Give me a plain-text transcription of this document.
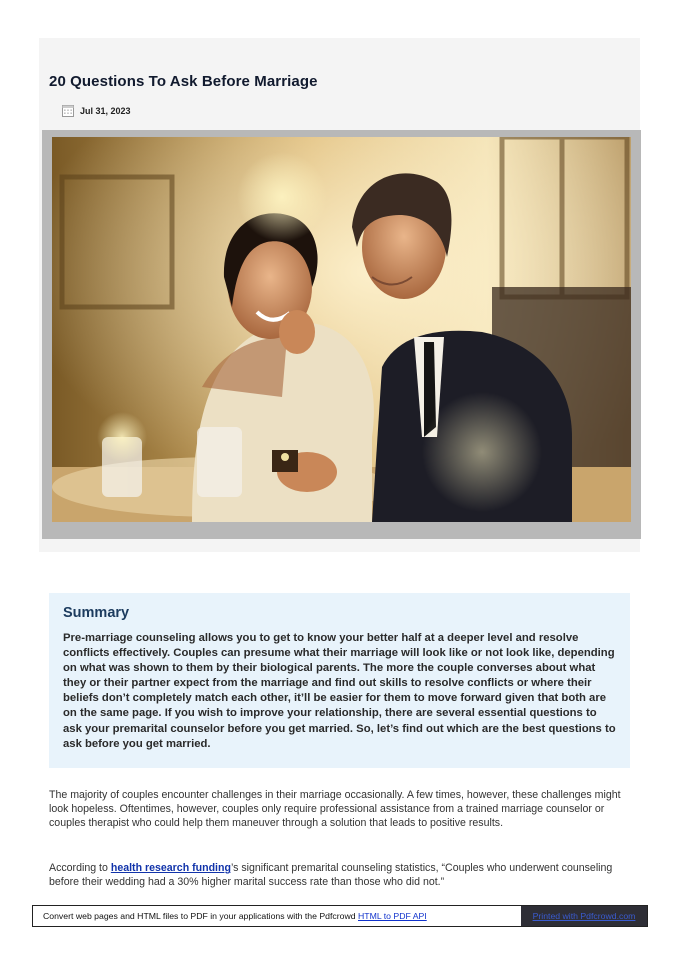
20 Questions To Ask Before Marriage
Jul 31, 2023
Summary

Pre-marriage counseling allows you to get to know your better half at a deeper level and resolve conflicts effectively. Couples can presume what their marriage will look like or not look like, depending on what was shown to them by their biological parents. The more the couple converses about what they or their partner expect from the marriage and find out skills to resolve conflicts or where their beliefs don’t completely match each other, it’ll be easier for them to move forward given that both are on the same page. If you wish to improve your relationship, there are several essential questions to ask your premarital counselor before you get married. So, let’s find out which are the best questions to ask before you get married.

The majority of couples encounter challenges in their marriage occasionally. A few times, however, these challenges might look hopeless. Oftentimes, however, couples only require professional assistance from a trained marriage counselor or couples therapist who could help them maneuver through a solution that leads to positive results.

According to health research funding’s significant premarital counseling statistics, “Couples who underwent counseling before their wedding had a 30% higher marital success rate than those who did not.”

Convert web pages and HTML files to PDF in your applications with the Pdfcrowd HTML to PDF API	Printed with Pdfcrowd.com
